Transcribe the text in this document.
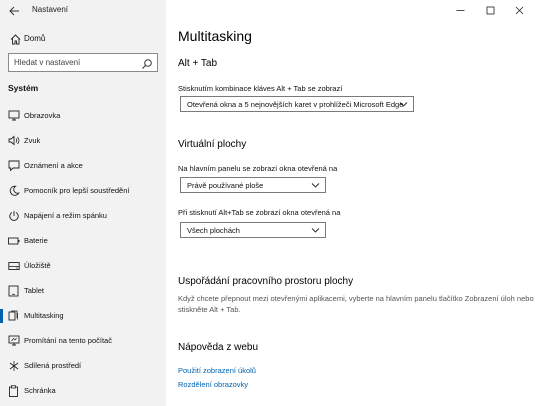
Nastavení
Domů
Hledat v nastavení
Systém
Obrazovka
Zvuk
Oznámení a akce
Pomocník pro lepší soustředění
Napájení a režim spánku
Baterie
Úložiště
Tablet
Multitasking
Promítání na tento počítač
Sdílená prostředí
Schránka
Multitasking
Alt + Tab
Stisknutím kombinace kláves Alt + Tab se zobrazí
Otevřená okna a 5 nejnovějších karet v prohlížeči Microsoft Edge
Virtuální plochy
Na hlavním panelu se zobrazí okna otevřená na
Právě používané ploše
Při stisknutí Alt+Tab se zobrazí okna otevřená na
Všech plochách
Uspořádání pracovního prostoru plochy
Když chcete přepnout mezi otevřenými aplikacemi, vyberte na hlavním panelu tlačítko Zobrazení úloh nebo stiskněte Alt + Tab.
Nápověda z webu
Použití zobrazení úkolů
Rozdělení obrazovky
